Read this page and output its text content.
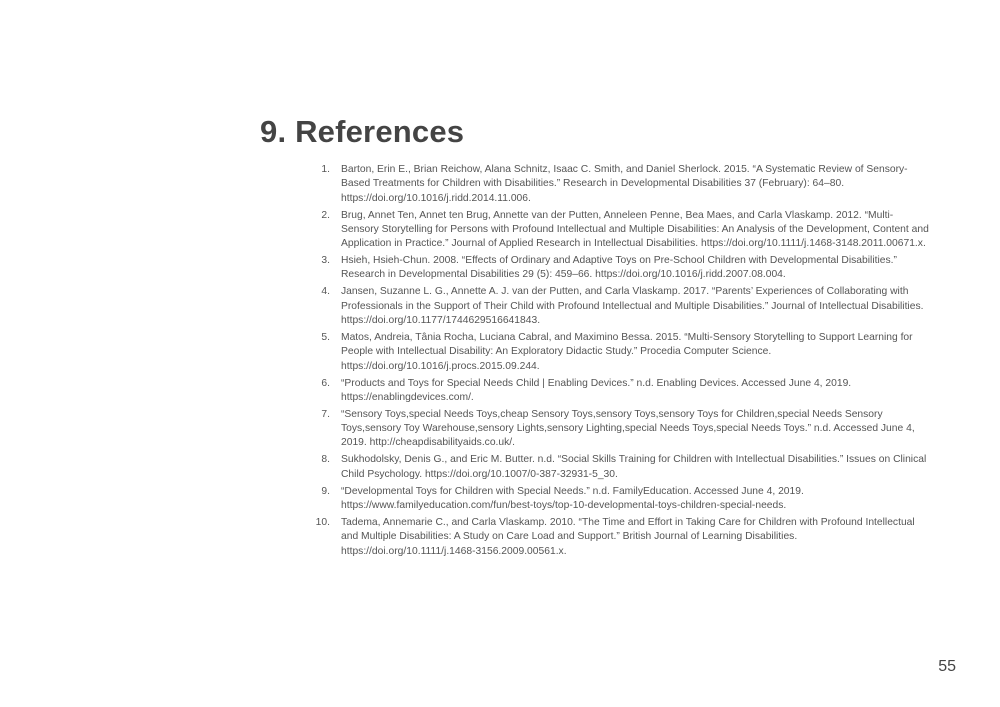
9. References
1. Barton, Erin E., Brian Reichow, Alana Schnitz, Isaac C. Smith, and Daniel Sherlock. 2015. “A Systematic Review of Sensory-Based Treatments for Children with Disabilities.” Research in Developmental Disabilities 37 (February): 64–80. https://doi.org/10.1016/j.ridd.2014.11.006.
2. Brug, Annet Ten, Annet ten Brug, Annette van der Putten, Anneleen Penne, Bea Maes, and Carla Vlaskamp. 2012. “Multi-Sensory Storytelling for Persons with Profound Intellectual and Multiple Disabilities: An Analysis of the Development, Content and Application in Practice.” Journal of Applied Research in Intellectual Disabilities. https://doi.org/10.1111/j.1468-3148.2011.00671.x.
3. Hsieh, Hsieh-Chun. 2008. “Effects of Ordinary and Adaptive Toys on Pre-School Children with Developmental Disabilities.” Research in Developmental Disabilities 29 (5): 459–66. https://doi.org/10.1016/j.ridd.2007.08.004.
4. Jansen, Suzanne L. G., Annette A. J. van der Putten, and Carla Vlaskamp. 2017. “Parents’ Experiences of Collaborating with Professionals in the Support of Their Child with Profound Intellectual and Multiple Disabilities.” Journal of Intellectual Disabilities. https://doi.org/10.1177/1744629516641843.
5. Matos, Andreia, Tânia Rocha, Luciana Cabral, and Maximino Bessa. 2015. “Multi-Sensory Storytelling to Support Learning for People with Intellectual Disability: An Exploratory Didactic Study.” Procedia Computer Science. https://doi.org/10.1016/j.procs.2015.09.244.
6. “Products and Toys for Special Needs Child | Enabling Devices.” n.d. Enabling Devices. Accessed June 4, 2019. https://enablingdevices.com/.
7. “Sensory Toys,special Needs Toys,cheap Sensory Toys,sensory Toys,sensory Toys for Children,special Needs Sensory Toys,sensory Toy Warehouse,sensory Lights,sensory Lighting,special Needs Toys,special Needs Toys.” n.d. Accessed June 4, 2019. http://cheapdisabilityaids.co.uk/.
8. Sukhodolsky, Denis G., and Eric M. Butter. n.d. “Social Skills Training for Children with Intellectual Disabilities.” Issues on Clinical Child Psychology. https://doi.org/10.1007/0-387-32931-5_30.
9. “Developmental Toys for Children with Special Needs.” n.d. FamilyEducation. Accessed June 4, 2019. https://www.familyeducation.com/fun/best-toys/top-10-developmental-toys-children-special-needs.
10. Tadema, Annemarie C., and Carla Vlaskamp. 2010. “The Time and Effort in Taking Care for Children with Profound Intellectual and Multiple Disabilities: A Study on Care Load and Support.” British Journal of Learning Disabilities. https://doi.org/10.1111/j.1468-3156.2009.00561.x.
55
